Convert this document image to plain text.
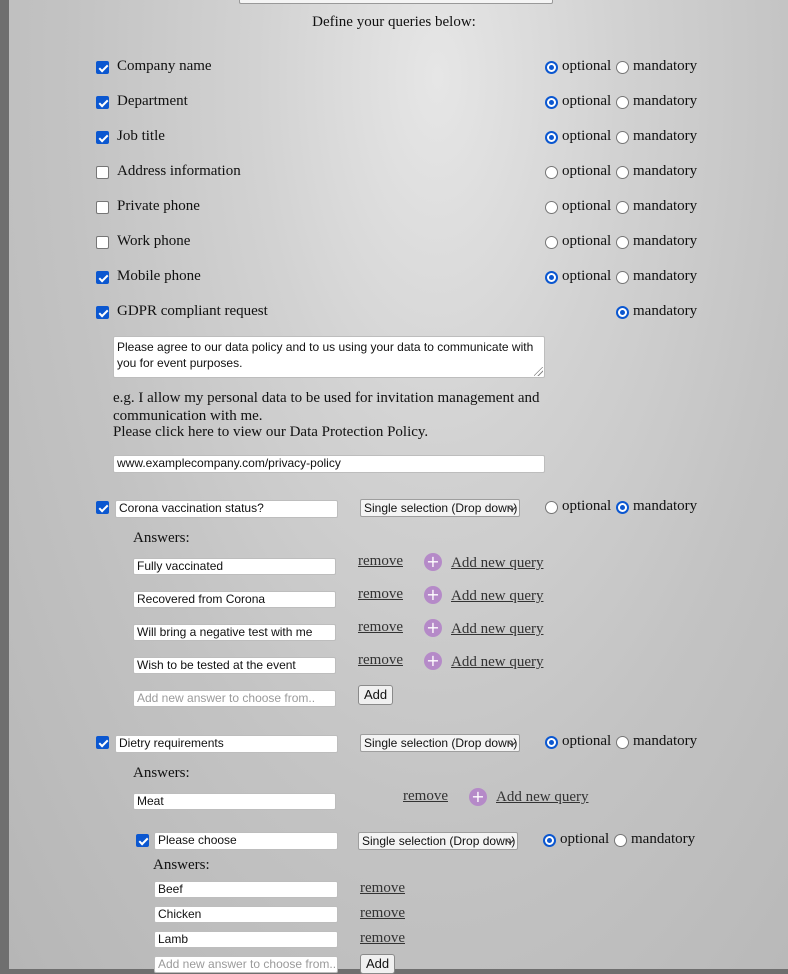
...
Define your queries below:
Company name	optional mandatory
Department	optional mandatory
Job title	optional mandatory
Address information	optional mandatory
Private phone	optional mandatory
Work phone	optional mandatory
Mobile phone	optional mandatory
GDPR compliant request	mandatory
Please agree to our data policy and to us using your data to communicate with you for event purposes.
e.g. I allow my personal data to be used for invitation management and communication with me.
Please click here to view our Data Protection Policy.
www.examplecompany.com/privacy-policy
Corona vaccination status?	Single selection (Drop down)	optional mandatory
Answers:
Fully vaccinated	remove + Add new query
Recovered from Corona	remove + Add new query
Will bring a negative test with me	remove + Add new query
Wish to be tested at the event	remove + Add new query
Add new answer to choose from..	Add
Dietry requirements	Single selection (Drop down)	optional mandatory
Answers:
Meat	remove + Add new query
Please choose	Single selection (Drop down)	optional mandatory
Answers:
Beef	remove
Chicken	remove
Lamb	remove
Add new answer to choose from..	Add
